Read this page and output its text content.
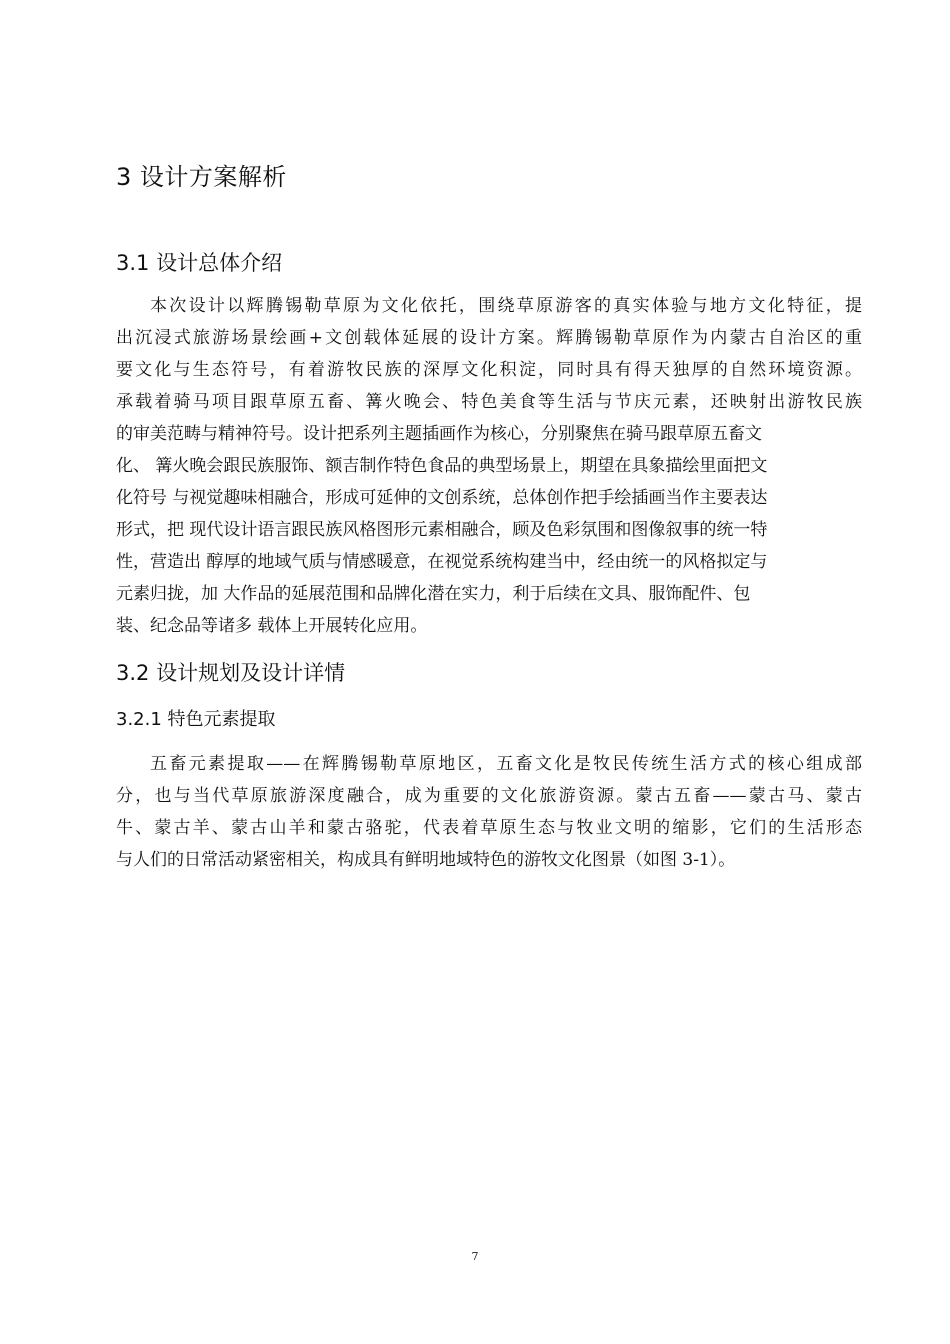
3 设计方案解析
3.1 设计总体介绍
本次设计以辉腾锡勒草原为文化依托，围绕草原游客的真实体验与地方文化特征，提
出沉浸式旅游场景绘画+文创载体延展的设计方案。辉腾锡勒草原作为内蒙古自治区的重
要文化与生态符号，有着游牧民族的深厚文化积淀，同时具有得天独厚的自然环境资源。
承载着骑马项目跟草原五畜、篝火晚会、特色美食等生活与节庆元素，还映射出游牧民族
的审美范畴与精神符号。设计把系列主题插画作为核心，分别聚焦在骑马跟草原五畜文
化、 篝火晚会跟民族服饰、额吉制作特色食品的典型场景上，期望在具象描绘里面把文
化符号 与视觉趣味相融合，形成可延伸的文创系统，总体创作把手绘插画当作主要表达
形式，把 现代设计语言跟民族风格图形元素相融合，顾及色彩氛围和图像叙事的统一特
性，营造出 醇厚的地域气质与情感暖意，在视觉系统构建当中，经由统一的风格拟定与
元素归拢，加 大作品的延展范围和品牌化潜在实力，利于后续在文具、服饰配件、包
装、纪念品等诸多 载体上开展转化应用。
3.2 设计规划及设计详情
3.2.1 特色元素提取
五畜元素提取——在辉腾锡勒草原地区，五畜文化是牧民传统生活方式的核心组成部
分，也与当代草原旅游深度融合，成为重要的文化旅游资源。蒙古五畜——蒙古马、蒙古
牛、蒙古羊、蒙古山羊和蒙古骆驼，代表着草原生态与牧业文明的缩影，它们的生活形态
与人们的日常活动紧密相关，构成具有鲜明地域特色的游牧文化图景（如图 3-1）。
7
